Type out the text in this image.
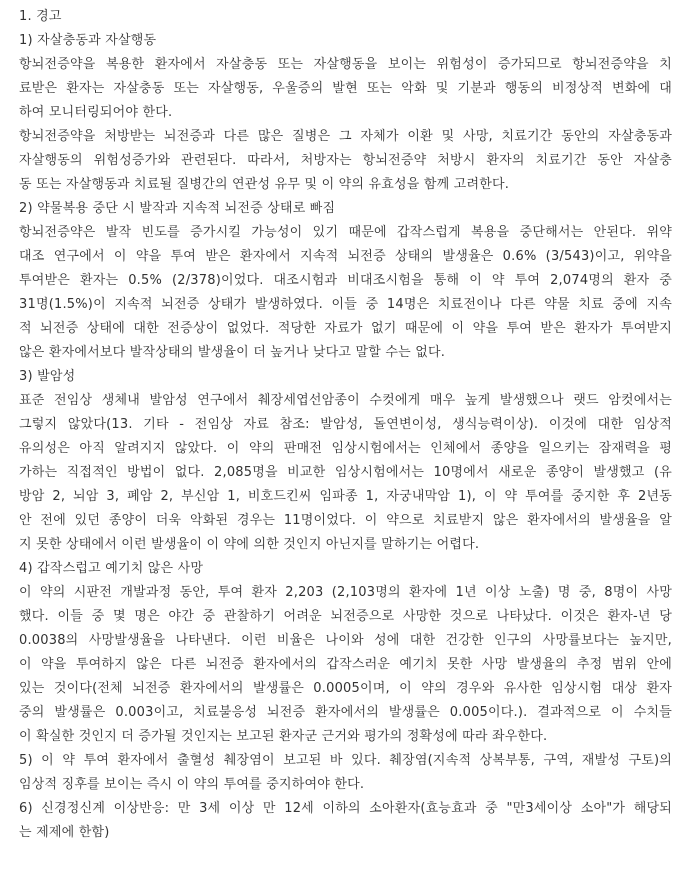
1. 경고
1) 자살충동과 자살행동
항뇌전증약을 복용한 환자에서 자살충동 또는 자살행동을 보이는 위험성이 증가되므로 항뇌전증약을 치
료받은 환자는 자살충동 또는 자살행동, 우울증의 발현 또는 악화 및 기분과 행동의 비정상적 변화에 대
하여 모니터링되어야 한다.
항뇌전증약을 처방받는 뇌전증과 다른 많은 질병은 그 자체가 이환 및 사망, 치료기간 동안의 자살충동과
자살행동의 위험성증가와 관련된다. 따라서, 처방자는 항뇌전증약 처방시 환자의 치료기간 동안 자살충
동 또는 자살행동과 치료될 질병간의 연관성 유무 및 이 약의 유효성을 함께 고려한다.
2) 약물복용 중단 시 발작과 지속적 뇌전증 상태로 빠짐
항뇌전증약은 발작 빈도를 증가시킬 가능성이 있기 때문에 갑작스럽게 복용을 중단해서는 안된다. 위약
대조 연구에서 이 약을 투여 받은 환자에서 지속적 뇌전증 상태의 발생율은 0.6% (3/543)이고, 위약을
투여받은 환자는 0.5% (2/378)이었다. 대조시험과 비대조시험을 통해 이 약 투여 2,074명의 환자 중
31명(1.5%)이 지속적 뇌전증 상태가 발생하였다. 이들 중 14명은 치료전이나 다른 약물 치료 중에 지속
적 뇌전증 상태에 대한 전증상이 없었다. 적당한 자료가 없기 때문에 이 약을 투여 받은 환자가 투여받지
않은 환자에서보다 발작상태의 발생율이 더 높거나 낮다고 말할 수는 없다.
3) 발암성
표준 전임상 생체내 발암성 연구에서 췌장세엽선암종이 수컷에게 매우 높게 발생했으나 랫드 암컷에서는
그렇지 않았다(13. 기타 - 전임상 자료 참조: 발암성, 돌연변이성, 생식능력이상). 이것에 대한 임상적
유의성은 아직 알려지지 않았다. 이 약의 판매전 임상시험에서는 인체에서 종양을 일으키는 잠재력을 평
가하는 직접적인 방법이 없다. 2,085명을 비교한 임상시험에서는 10명에서 새로운 종양이 발생했고 (유
방암 2, 뇌암 3, 폐암 2, 부신암 1, 비호드킨씨 임파종 1, 자궁내막암 1), 이 약 투여를 중지한 후 2년동
안 전에 있던 종양이 더욱 악화된 경우는 11명이었다. 이 약으로 치료받지 않은 환자에서의 발생율을 알
지 못한 상태에서 이런 발생율이 이 약에 의한 것인지 아닌지를 말하기는 어렵다.
4) 갑작스럽고 예기치 않은 사망
이 약의 시판전 개발과정 동안, 투여 환자 2,203 (2,103명의 환자에 1년 이상 노출) 명 중, 8명이 사망
했다. 이들 중 몇 명은 야간 중 관찰하기 어려운 뇌전증으로 사망한 것으로 나타났다. 이것은 환자-년 당
0.0038의 사망발생율을 나타낸다. 이런 비율은 나이와 성에 대한 건강한 인구의 사망률보다는 높지만,
이 약을 투여하지 않은 다른 뇌전증 환자에서의 갑작스러운 예기치 못한 사망 발생율의 추정 범위 안에
있는 것이다(전체 뇌전증 환자에서의 발생률은 0.0005이며, 이 약의 경우와 유사한 임상시험 대상 환자
중의 발생률은 0.003이고, 치료불응성 뇌전증 환자에서의 발생률은 0.005이다.). 결과적으로 이 수치들
이 확실한 것인지 더 증가될 것인지는 보고된 환자군 근거와 평가의 정확성에 따라 좌우한다.
5) 이 약 투여 환자에서 출혈성 췌장염이 보고된 바 있다. 췌장염(지속적 상복부통, 구역, 재발성 구토)의
임상적 징후를 보이는 즉시 이 약의 투여를 중지하여야 한다.
6) 신경정신계 이상반응: 만 3세 이상 만 12세 이하의 소아환자(효능효과 중 "만3세이상 소아"가 해당되
는 제제에 한함)
